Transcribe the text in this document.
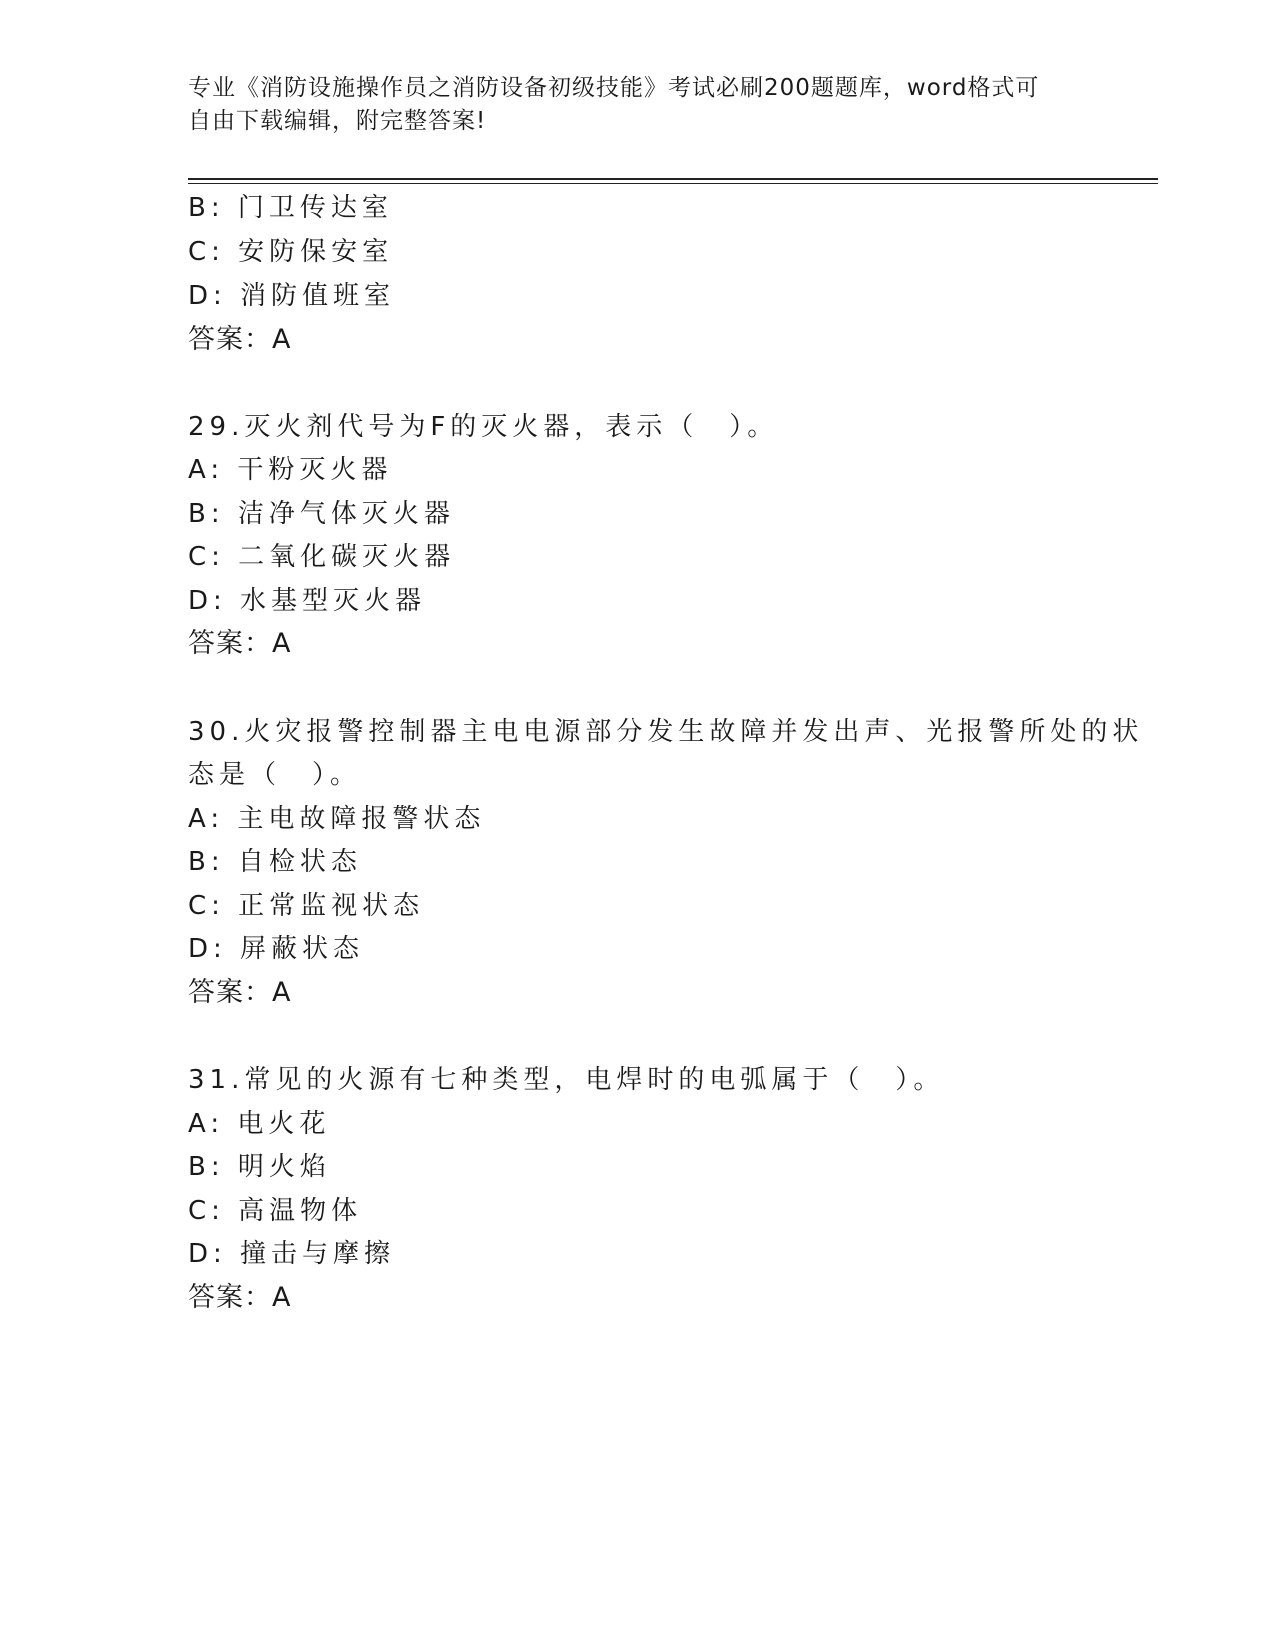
专业《消防设施操作员之消防设备初级技能》考试必刷200题题库，word格式可
自由下载编辑，附完整答案!
B: 门卫传达室
C: 安防保安室
D: 消防值班室
答案：A
29.灭火剂代号为F的灭火器，表示（　）。
A: 干粉灭火器
B: 洁净气体灭火器
C: 二氧化碳灭火器
D: 水基型灭火器
答案：A
30.火灾报警控制器主电电源部分发生故障并发出声、光报警所处的状
态是（　）。
A: 主电故障报警状态
B: 自检状态
C: 正常监视状态
D: 屏蔽状态
答案：A
31.常见的火源有七种类型，电焊时的电弧属于（　）。
A: 电火花
B: 明火焰
C: 高温物体
D: 撞击与摩擦
答案：A
